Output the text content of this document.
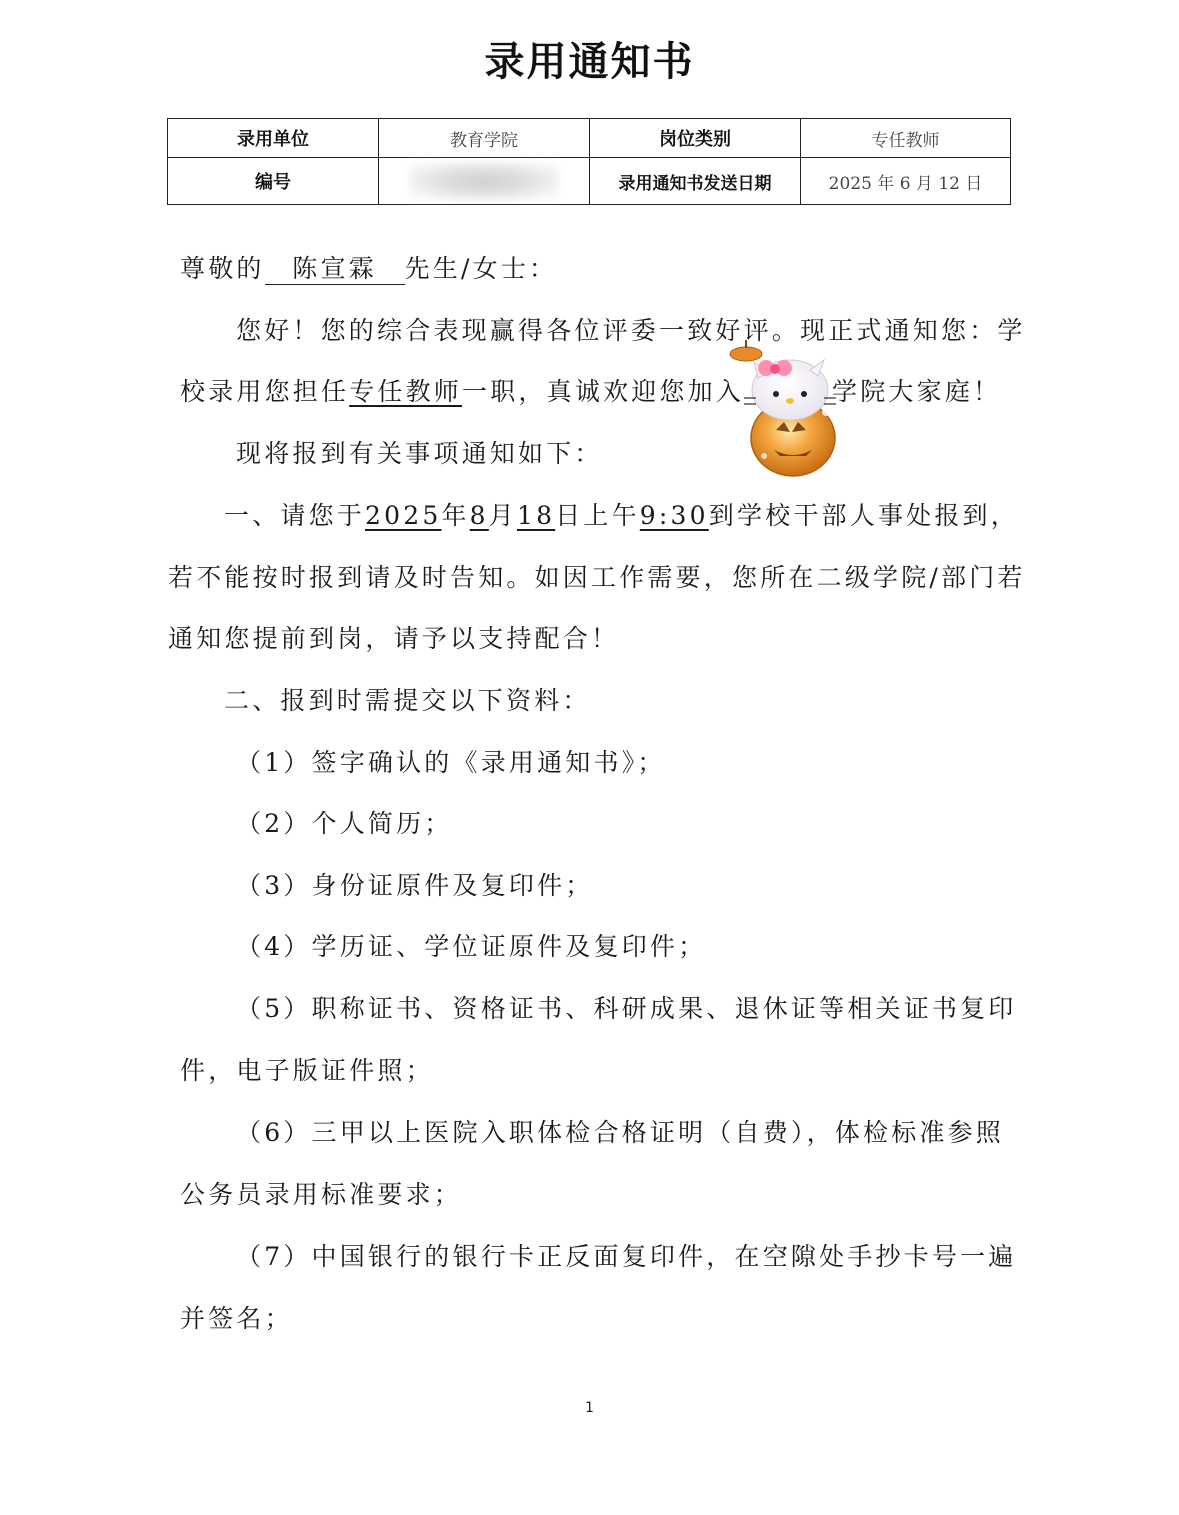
录用通知书
录用单位	教育学院	岗位类别	专任教师
编号		录用通知书发送日期	2025 年 6 月 12 日
尊敬的 陈宣霖 先生/女士：
您好！您的综合表现赢得各位评委一致好评。现正式通知您：学
校录用您担任专任教师一职，真诚欢迎您加入	学院大家庭！
现将报到有关事项通知如下：
一、请您于2025年8月18日上午9:30到学校干部人事处报到，
若不能按时报到请及时告知。如因工作需要，您所在二级学院/部门若
通知您提前到岗，请予以支持配合！
二、报到时需提交以下资料：
（1）签字确认的《录用通知书》；
（2）个人简历；
（3）身份证原件及复印件；
（4）学历证、学位证原件及复印件；
（5）职称证书、资格证书、科研成果、退休证等相关证书复印
件，电子版证件照；
（6）三甲以上医院入职体检合格证明（自费），体检标准参照
公务员录用标准要求；
（7）中国银行的银行卡正反面复印件，在空隙处手抄卡号一遍
并签名；
1
